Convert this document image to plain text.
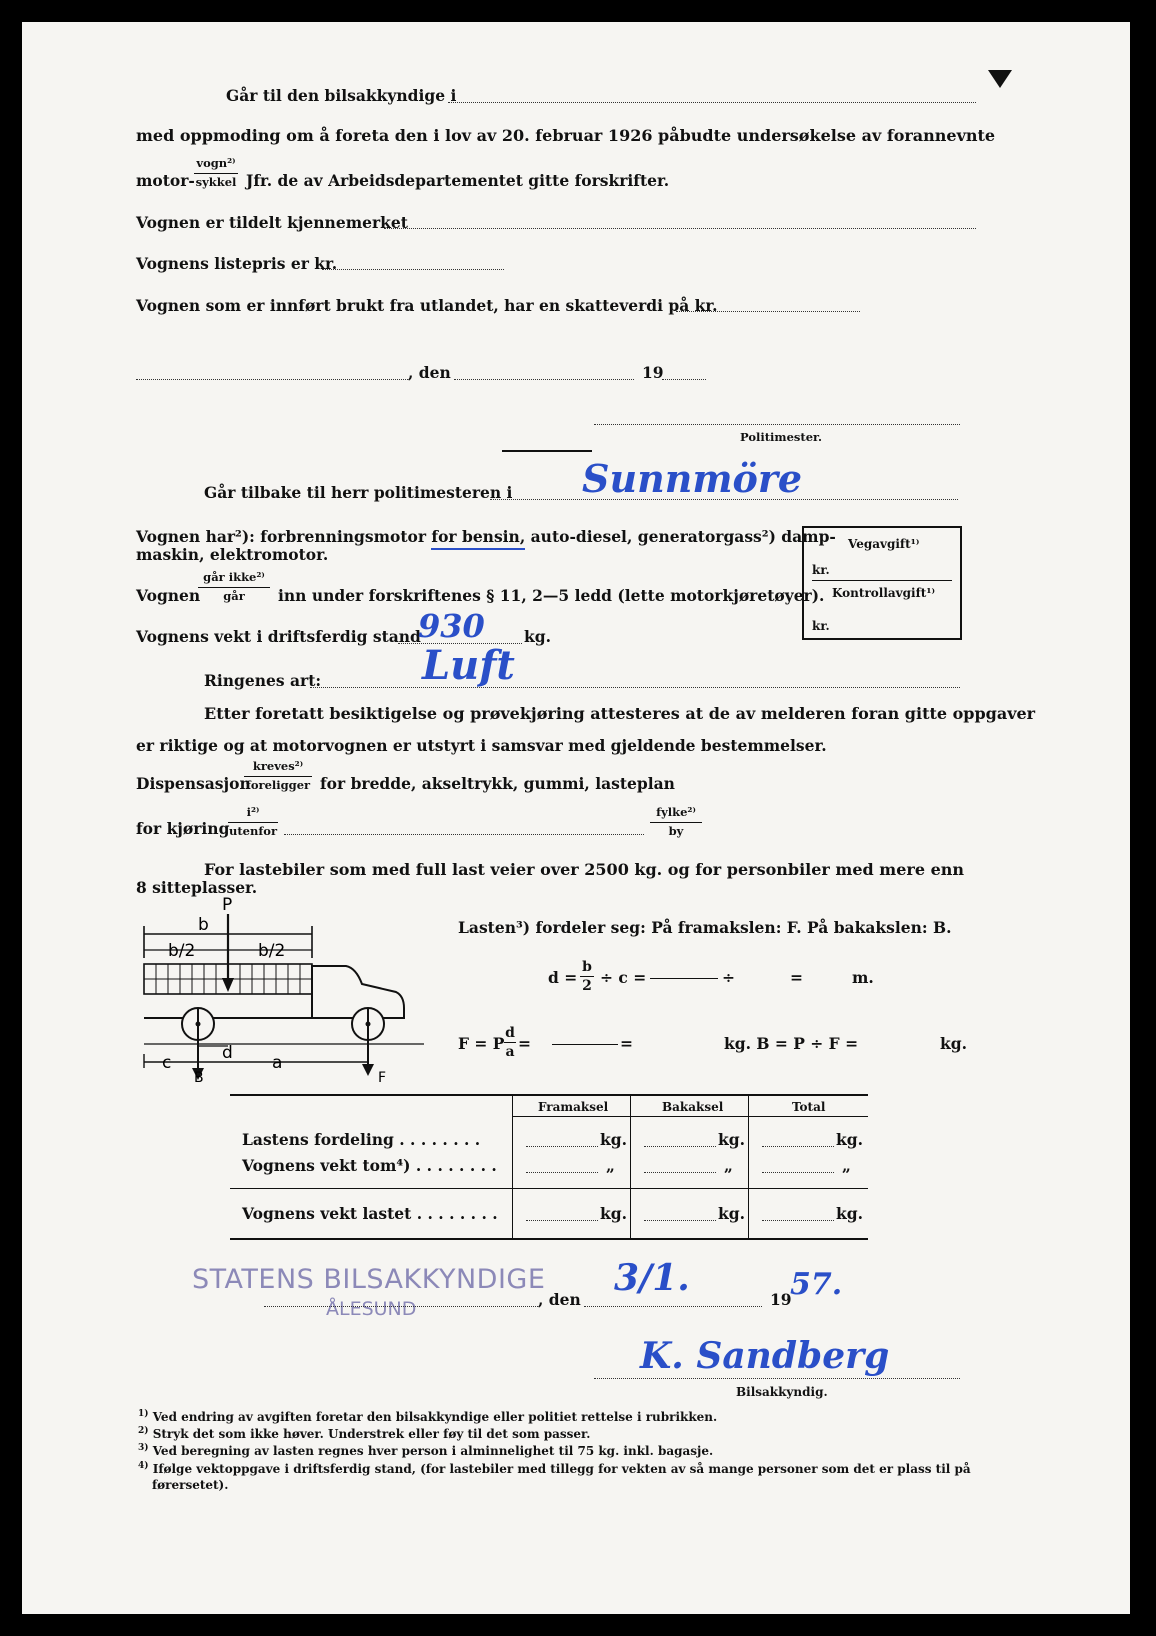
Går til den bilsakkyndige i
med oppmoding om å foreta den i lov av 20. februar 1926 påbudte undersøkelse av forannevnte
motor-
vogn²⁾
sykkel Jfr. de av Arbeidsdepartementet gitte forskrifter.
Vognen er tildelt kjennemerket
Vognens listepris er kr.
Vognen som er innført brukt fra utlandet, har en skatteverdi på kr.
, den	19
Politimester.
Går tilbake til herr politimesteren i Sunnmöre
Vognen har²): forbrenningsmotor for bensin, auto-diesel, generatorgass²) damp-
maskin, elektromotor.
Vognen
går ikke²⁾
går	inn under forskriftenes § 11, 2—5 ledd (lette motorkjøretøyer).
Vognens vekt i driftsferdig stand
930	kg.
Ringenes art:	Luft
Vegavgift¹⁾
kr.
Kontrollavgift¹⁾
kr.
Etter foretatt besiktigelse og prøvekjøring attesteres at de av melderen foran gitte oppgaver
er riktige og at motorvognen er utstyrt i samsvar med gjeldende bestemmelser.
Dispensasjon
kreves²⁾
foreligger for bredde, akseltrykk, gummi, lasteplan
for kjøring
i²⁾
utenfor
fylke²⁾
by
For lastebiler som med full last veier over 2500 kg. og for personbiler med mere enn
8 sitteplasser.
b
b/2	b/2
P
c	a
d
B	F
Lasten³) fordeler seg: På framakslen: F. På bakakslen: B.
d =
b
2 ÷ c =	÷	=	m.
F = P
d
a =	=	kg. B = P ÷ F =	kg.
Framaksel	Bakaksel	Total
Lastens fordeling . . . . . . . .	kg.	kg.	kg.
Vognens vekt tom⁴) . . . . . . . .	„	„	„
Vognens vekt lastet . . . . . . . .	kg.	kg.	kg.
STATENS BILSAKKYNDIGE
ÅLESUND	, den
3/1.
19
57.
K. Sandberg
Bilsakkyndig.
$^{1)}$ Ved endring av avgiften foretar den bilsakkyndige eller politiet rettelse i rubrikken.
$^{2)}$ Stryk det som ikke høver. Understrek eller føy til det som passer.
$^{3)}$ Ved beregning av lasten regnes hver person i alminnelighet til 75 kg. inkl. bagasje.
$^{4)}$ Ifølge vektoppgave i driftsferdig stand, (for lastebiler med tillegg for vekten av så mange personer som det er plass til på
førersetet).
